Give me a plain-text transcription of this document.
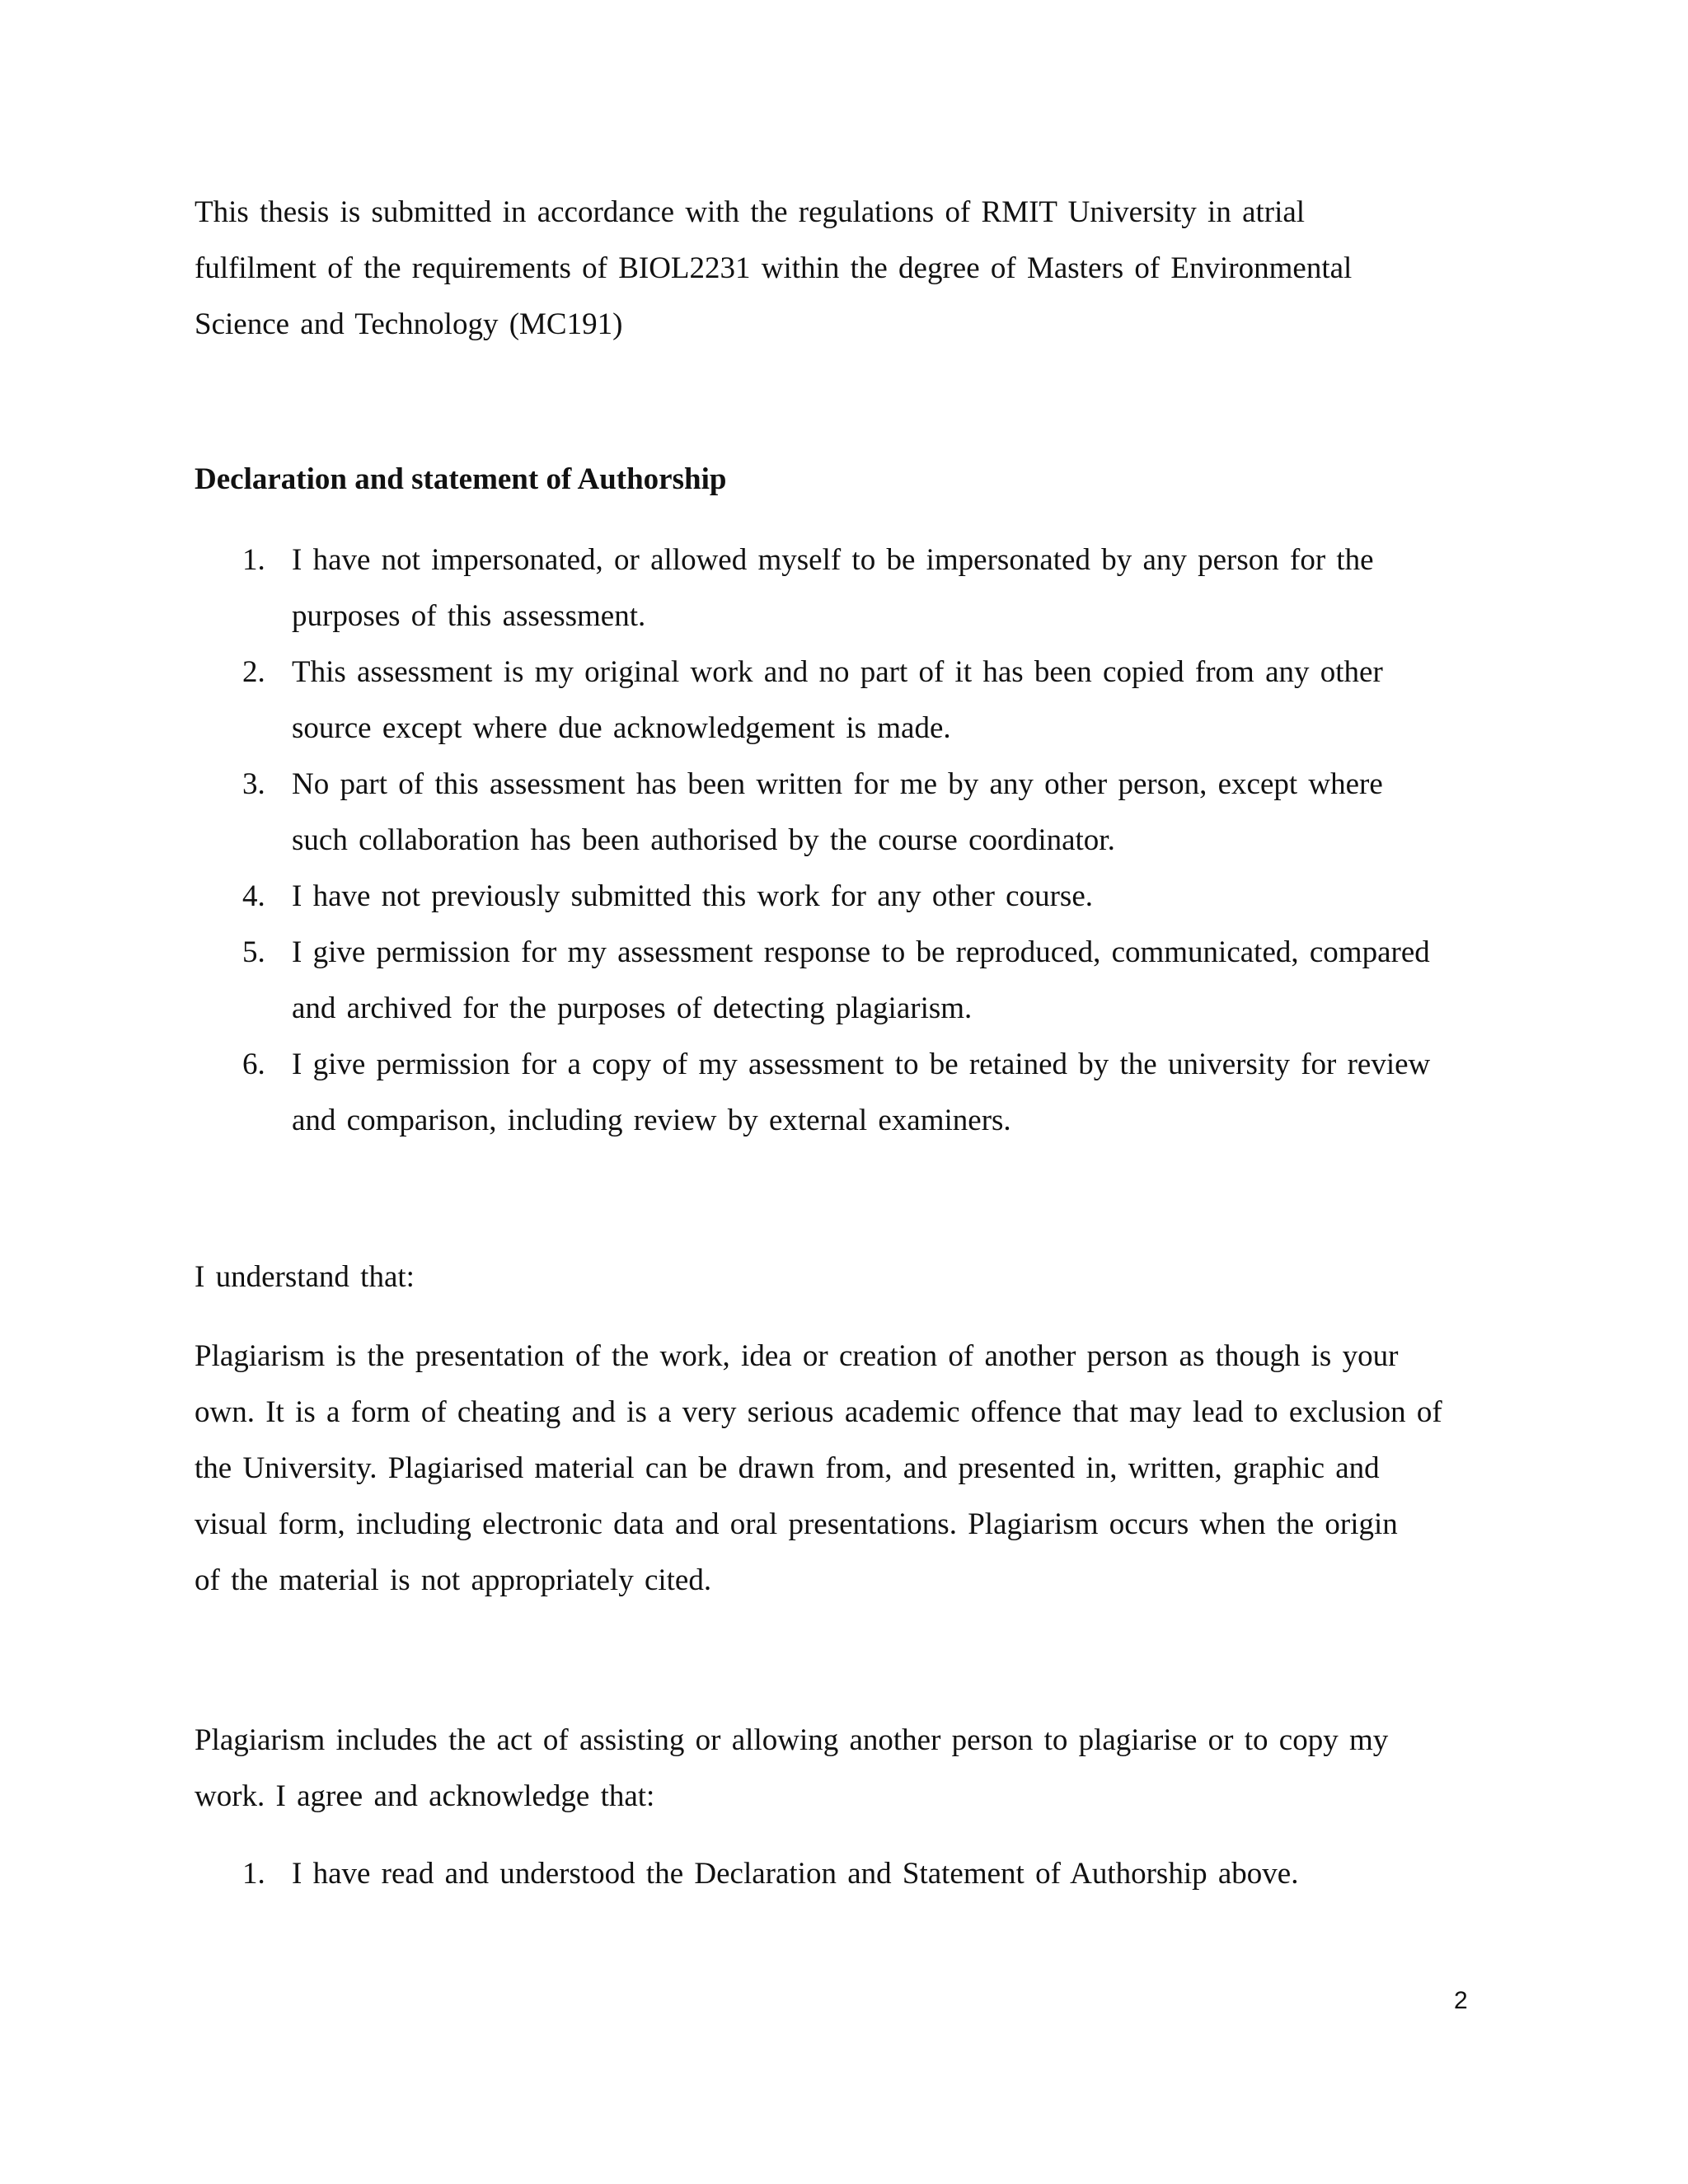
This thesis is submitted in accordance with the regulations of RMIT University in atrial
fulfilment of the requirements of BIOL2231 within the degree of Masters of Environmental
Science and Technology (MC191)
Declaration and statement of Authorship
1. I have not impersonated, or allowed myself to be impersonated by any person for the
purposes of this assessment.
2. This assessment is my original work and no part of it has been copied from any other
source except where due acknowledgement is made.
3. No part of this assessment has been written for me by any other person, except where
such collaboration has been authorised by the course coordinator.
4. I have not previously submitted this work for any other course.
5. I give permission for my assessment response to be reproduced, communicated, compared
and archived for the purposes of detecting plagiarism.
6. I give permission for a copy of my assessment to be retained by the university for review
and comparison, including review by external examiners.
I understand that:
Plagiarism is the presentation of the work, idea or creation of another person as though is your
own. It is a form of cheating and is a very serious academic offence that may lead to exclusion of
the University. Plagiarised material can be drawn from, and presented in, written, graphic and
visual form, including electronic data and oral presentations. Plagiarism occurs when the origin
of the material is not appropriately cited.
Plagiarism includes the act of assisting or allowing another person to plagiarise or to copy my
work. I agree and acknowledge that:
1. I have read and understood the Declaration and Statement of Authorship above.
2
